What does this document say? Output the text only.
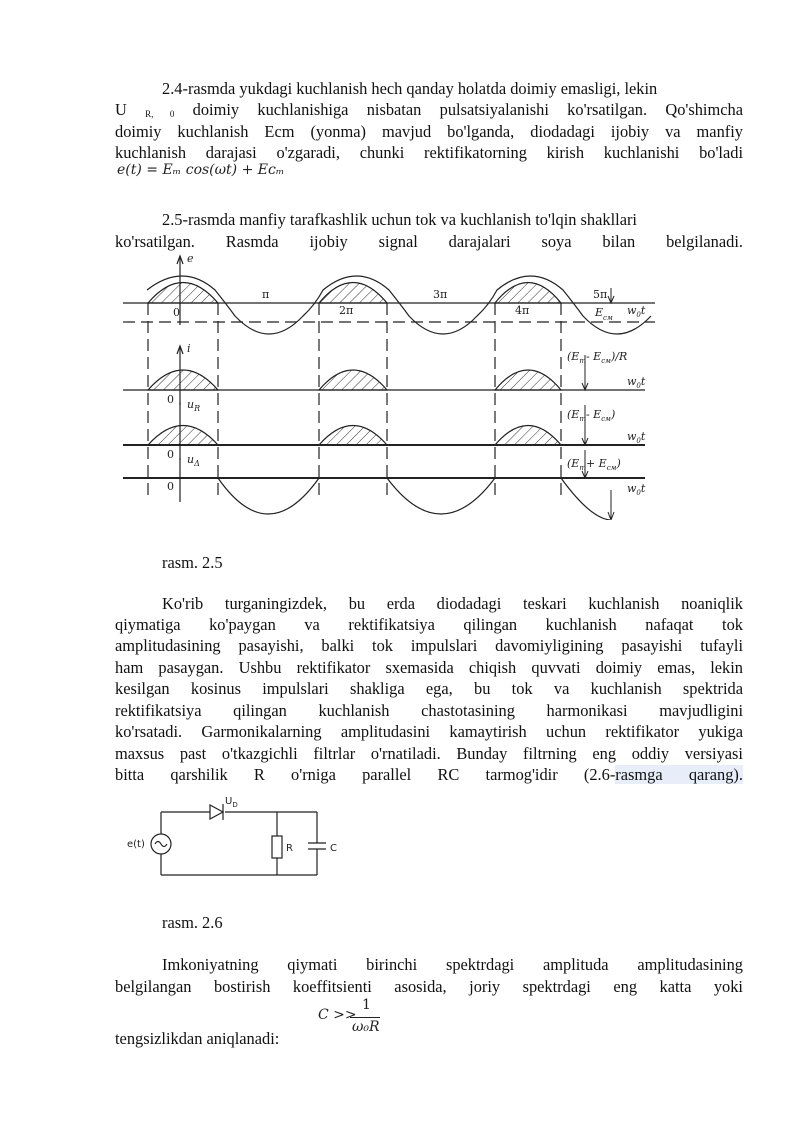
2.4-rasmda yukdagi kuchlanish hech qanday holatda doimiy emasligi, lekin
U $_{R, 0}$ doimiy kuchlanishiga nisbatan pulsatsiyalanishi ko'rsatilgan. Qo'shimcha

doimiy kuchlanish Ecm (yonma) mavjud bo'lganda, diodadagi ijobiy va manfiy

kuchlanish darajasi o'zgaradi, chunki rektifikatorning kirish kuchlanishi bo'ladi

e(t) = Eₘ cos(ωt) + Eᴄₘ
2.5-rasmda manfiy tarafkashlik uchun tok va kuchlanish to'lqin shakllari

ko'rsatilgan. Rasmda ijobiy signal darajalari soya bilan belgilanadi.

e
i
$u_R$
$u_\Delta$
0
0
0
0
π
2π
3π
4π
5π
$E_{cм}$
$w_0t$
$w_0t$
$w_0t$
$w_0t$
($E_m-$ $E_{cм})/R$
($E_m-$ $E_{cм}$)
$(E_m+ E_{cм})$
rasm. 2.5

Ko'rib turganingizdek, bu erda diodadagi teskari kuchlanish noaniqlik

qiymatiga ko'paygan va rektifikatsiya qilingan kuchlanish nafaqat tok

amplitudasining pasayishi, balki tok impulslari davomiyligining pasayishi tufayli

ham pasaygan. Ushbu rektifikator sxemasida chiqish quvvati doimiy emas, lekin

kesilgan kosinus impulslari shakliga ega, bu tok va kuchlanish spektrida

rektifikatsiya qilingan kuchlanish chastotasining harmonikasi mavjudligini

ko'rsatadi. Garmonikalarning amplitudasini kamaytirish uchun rektifikator yukiga

maxsus past o'tkazgichli filtrlar o'rnatiladi. Bunday filtrning eng oddiy versiyasi

bitta qarshilik R o'rniga parallel RC tarmog'idir (2.6-rasmga qarang).

e(t)
$U_D$
R	C
rasm. 2.6
Imkoniyatning qiymati birinchi spektrdagi amplituda amplitudasining

belgilangan bostirish koeffitsienti asosida, joriy spektrdagi eng katta yoki

tengsizlikdan aniqlanadi:
C >>
1
ω₀R
